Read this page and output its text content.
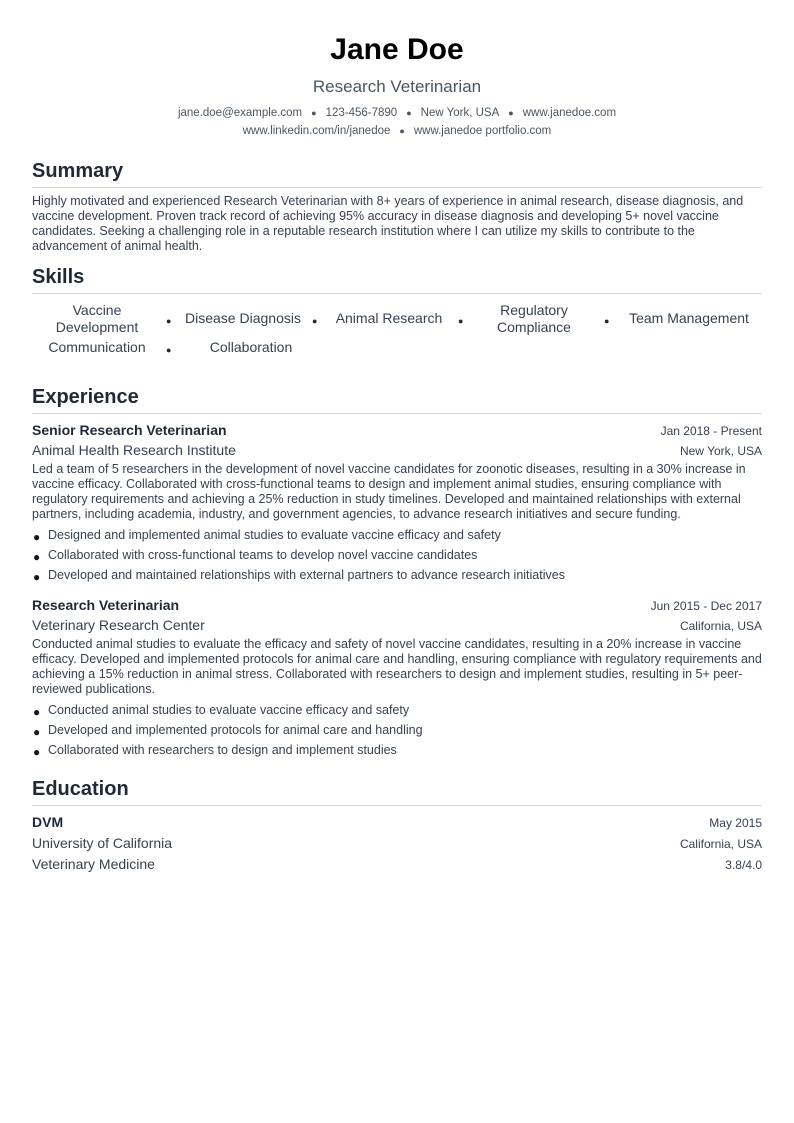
Jane Doe
Research Veterinarian
jane.doe@example.com ● 123-456-7890 ● New York, USA ● www.janedoe.com
www.linkedin.com/in/janedoe ● www.janedoe portfolio.com
Summary

Highly motivated and experienced Research Veterinarian with 8+ years of experience in animal research, disease diagnosis, and vaccine development. Proven track record of achieving 95% accuracy in disease diagnosis and developing 5+ novel vaccine candidates. Seeking a challenging role in a reputable research institution where I can utilize my skills to contribute to the advancement of animal health.

Skills
Vaccine Development	● Disease Diagnosis	●	Animal Research	●
Regulatory Compliance	●	Team Management
Communication	●	Collaboration
Experience
Senior Research Veterinarian	Jan 2018 - Present
Animal Health Research Institute	New York, USA

Led a team of 5 researchers in the development of novel vaccine candidates for zoonotic diseases, resulting in a 30% increase in vaccine efficacy. Collaborated with cross-functional teams to design and implement animal studies, ensuring compliance with regulatory requirements and achieving a 25% reduction in study timelines. Developed and maintained relationships with external partners, including academia, industry, and government agencies, to advance research initiatives and secure funding.

● Designed and implemented animal studies to evaluate vaccine efficacy and safety
● Collaborated with cross-functional teams to develop novel vaccine candidates
● Developed and maintained relationships with external partners to advance research initiatives
Research Veterinarian	Jun 2015 - Dec 2017
Veterinary Research Center	California, USA

Conducted animal studies to evaluate the efficacy and safety of novel vaccine candidates, resulting in a 20% increase in vaccine efficacy. Developed and implemented protocols for animal care and handling, ensuring compliance with regulatory requirements and achieving a 15% reduction in animal stress. Collaborated with researchers to design and implement studies, resulting in 5+ peer-reviewed publications.

● Conducted animal studies to evaluate vaccine efficacy and safety
● Developed and implemented protocols for animal care and handling
● Collaborated with researchers to design and implement studies
Education
DVM	May 2015
University of California	California, USA
Veterinary Medicine	3.8/4.0
